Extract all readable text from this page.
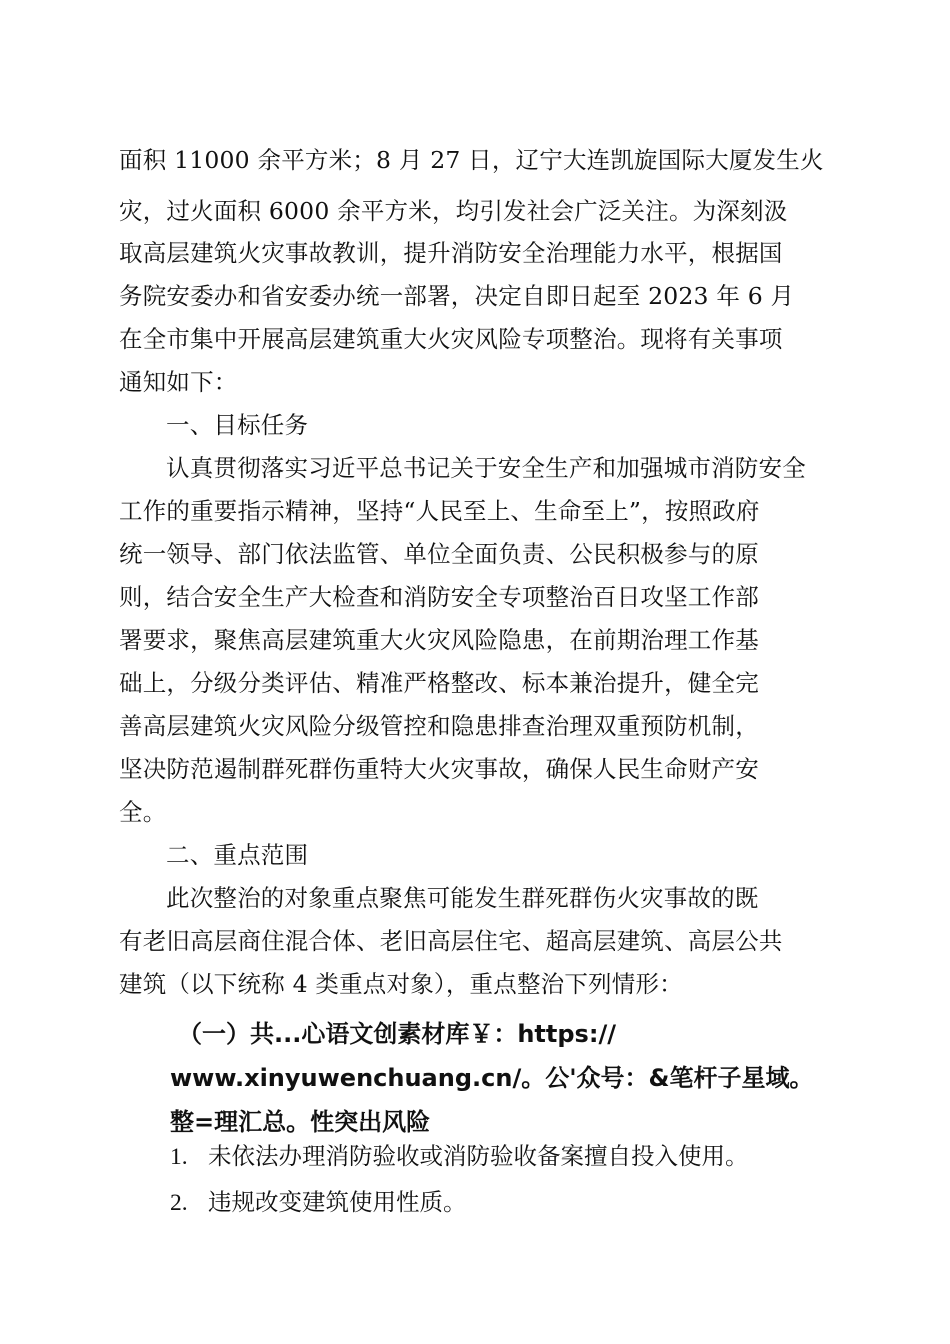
面积 11000 余平方米；8 月 27 日，辽宁大连凯旋国际大厦发生火
灾，过火面积 6000 余平方米，均引发社会广泛关注。为深刻汲
取高层建筑火灾事故教训，提升消防安全治理能力水平，根据国
务院安委办和省安委办统一部署，决定自即日起至 2023 年 6 月
在全市集中开展高层建筑重大火灾风险专项整治。现将有关事项
通知如下：
一、目标任务
认真贯彻落实习近平总书记关于安全生产和加强城市消防安全
工作的重要指示精神，坚持“人民至上、生命至上”，按照政府
统一领导、部门依法监管、单位全面负责、公民积极参与的原
则，结合安全生产大检查和消防安全专项整治百日攻坚工作部
署要求，聚焦高层建筑重大火灾风险隐患，在前期治理工作基
础上，分级分类评估、精准严格整改、标本兼治提升，健全完
善高层建筑火灾风险分级管控和隐患排查治理双重预防机制，
坚决防范遏制群死群伤重特大火灾事故，确保人民生命财产安
全。
二、重点范围
此次整治的对象重点聚焦可能发生群死群伤火灾事故的既
有老旧高层商住混合体、老旧高层住宅、超高层建筑、高层公共
建筑（以下统称 4 类重点对象），重点整治下列情形：
（一）共...心语文创素材库￥：https://
www.xinyuwenchuang.cn/。公'众号：&笔杆子星域。
整=理汇总。性突出风险
1. 未依法办理消防验收或消防验收备案擅自投入使用。
2. 违规改变建筑使用性质。
